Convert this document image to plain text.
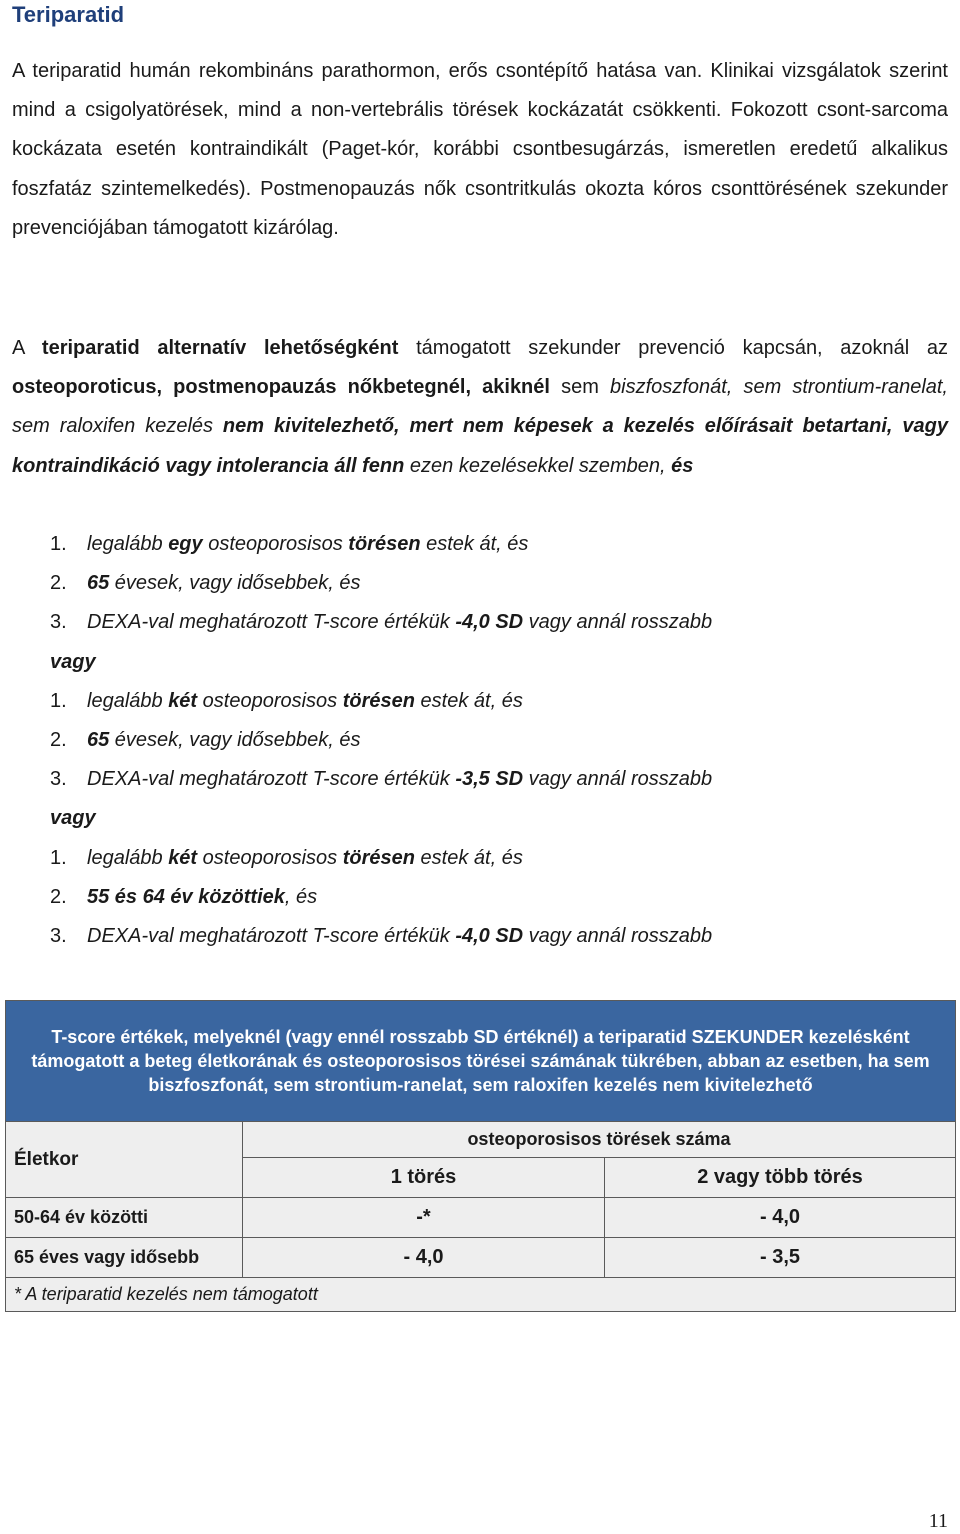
Teriparatid

A teriparatid humán rekombináns parathormon, erős csontépítő hatása van. Klinikai vizsgálatok szerint mind a csigolyatörések, mind a non-vertebrális törések kockázatát csökkenti. Fokozott csont-sarcoma kockázata esetén kontraindikált (Paget-kór, korábbi csontbesugárzás, ismeretlen eredetű alkalikus foszfatáz szintemelkedés). Postmenopauzás nők csontritkulás okozta kóros csonttörésének szekunder prevenciójában támogatott kizárólag.

A teriparatid alternatív lehetőségként támogatott szekunder prevenció kapcsán, azoknál az osteoporoticus, postmenopauzás nőkbetegnél, akiknél sem biszfoszfonát, sem strontium-ranelat, sem raloxifen kezelés nem kivitelezhető, mert nem képesek a kezelés előírásait betartani, vagy kontraindikáció vagy intolerancia áll fenn ezen kezelésekkel szemben, és

1. legalább egy osteoporosisos törésen estek át, és
2. 65 évesek, vagy idősebbek, és
3. DEXA-val meghatározott T-score értékük -4,0 SD vagy annál rosszabb
vagy
1. legalább két osteoporosisos törésen estek át, és
2. 65 évesek, vagy idősebbek, és
3. DEXA-val meghatározott T-score értékük -3,5 SD vagy annál rosszabb
vagy
1. legalább két osteoporosisos törésen estek át, és
2. 55 és 64 év közöttiek, és
3. DEXA-val meghatározott T-score értékük -4,0 SD vagy annál rosszabb
T-score értékek, melyeknél (vagy ennél rosszabb SD értéknél) a teriparatid SZEKUNDER kezelésként támogatott a beteg életkorának és osteoporosisos törései számának tükrében, abban az esetben, ha sem biszfoszfonát, sem strontium-ranelat, sem raloxifen kezelés nem kivitelezhető		
Életkor	osteoporosisos törések száma	
	1 törés	2 vagy több törés
50-64 év közötti	-*	- 4,0
65 éves vagy idősebb	- 4,0	- 3,5
* A teriparatid kezelés nem támogatott		
11
